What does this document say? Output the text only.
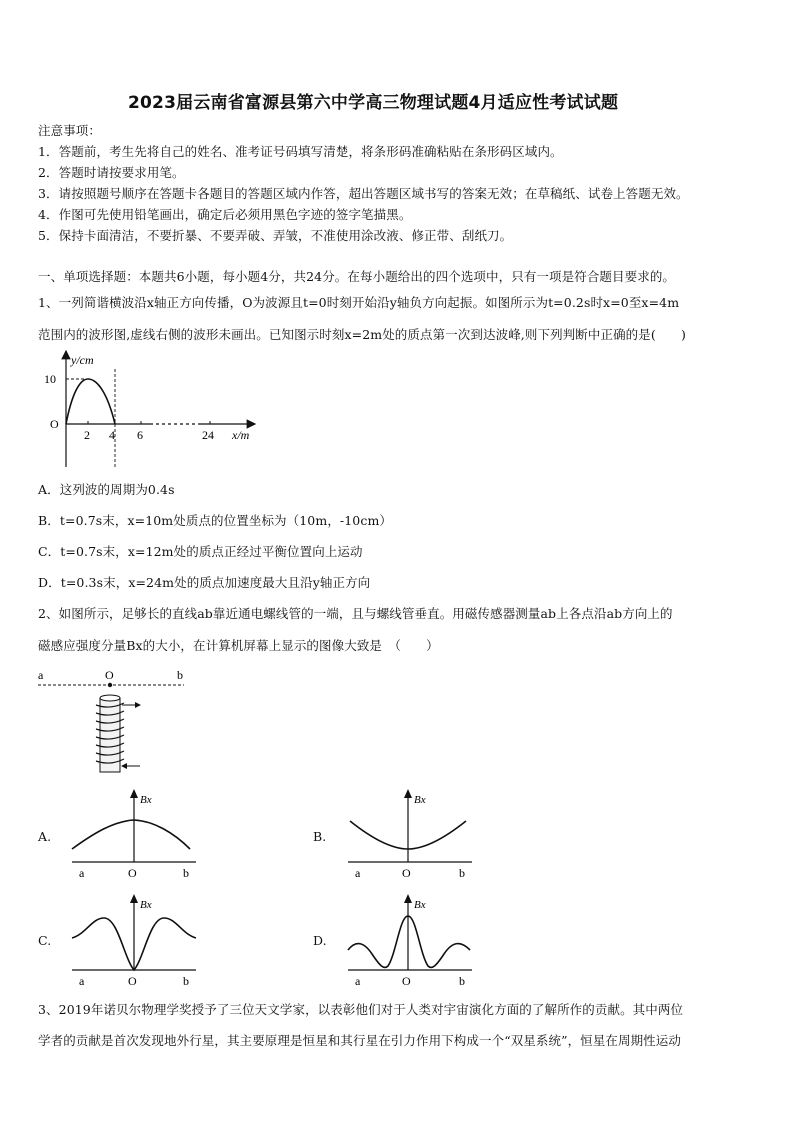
2023届云南省富源县第六中学高三物理试题4月适应性考试试题
注意事项：
1．答题前，考生先将自己的姓名、准考证号码填写清楚，将条形码准确粘贴在条形码区域内。
2．答题时请按要求用笔。
3．请按照题号顺序在答题卡各题目的答题区域内作答，超出答题区域书写的答案无效；在草稿纸、试卷上答题无效。
4．作图可先使用铅笔画出，确定后必须用黑色字迹的签字笔描黑。
5．保持卡面清洁，不要折暴、不要弄破、弄皱，不准使用涂改液、修正带、刮纸刀。
一、单项选择题：本题共6小题，每小题4分，共24分。在每小题给出的四个选项中，只有一项是符合题目要求的。
1、一列简谐横波沿x轴正方向传播，O为波源且t=0时刻开始沿y轴负方向起振。如图所示为t=0.2s时x=0至x=4m
范围内的波形图,虚线右侧的波形未画出。已知图示时刻x=2m处的质点第一次到达波峰,则下列判断中正确的是(　　)
y/cm
10
O
2 4 6	24 x/m
A．这列波的周期为0.4s
B．t=0.7s末，x=10m处质点的位置坐标为（10m，-10cm）
C．t=0.7s末，x=12m处的质点正经过平衡位置向上运动
D．t=0.3s末，x=24m处的质点加速度最大且沿y轴正方向
2、如图所示，足够长的直线ab靠近通电螺线管的一端，且与螺线管垂直。用磁传感器测量ab上各点沿ab方向上的
磁感应强度分量Bx的大小，在计算机屏幕上显示的图像大致是　（　　）
a	O	b
A.
Bx
a	O	b
B.
Bx
a	O	b
C.
Bx
a	O	b
D.
Bx
a	O	b
3、2019年诺贝尔物理学奖授予了三位天文学家，以表彰他们对于人类对宇宙演化方面的了解所作的贡献。其中两位
学者的贡献是首次发现地外行星，其主要原理是恒星和其行星在引力作用下构成一个“双星系统”，恒星在周期性运动
